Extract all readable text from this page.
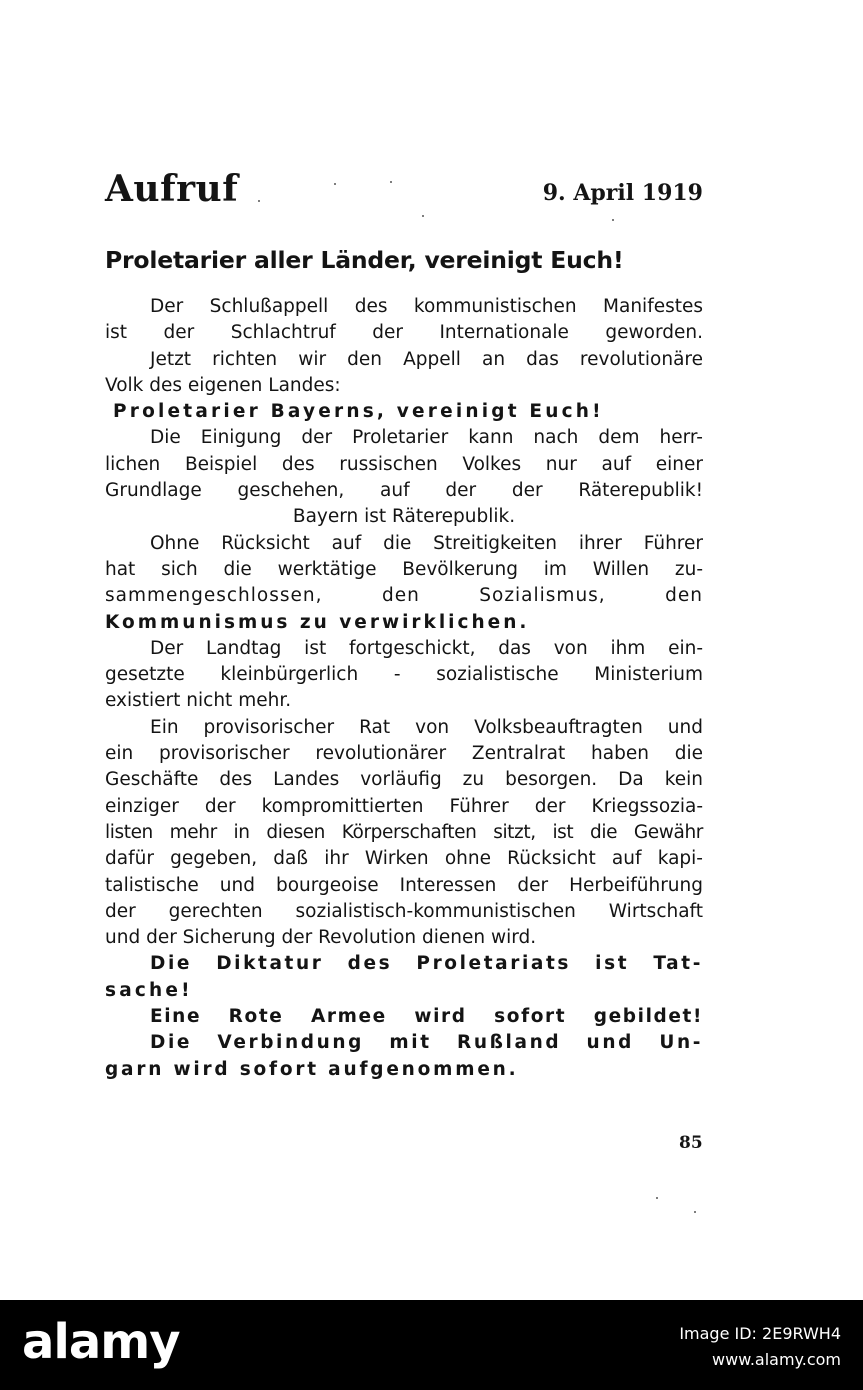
Aufruf	9. April 1919
Proletarier aller Länder, vereinigt Euch!
Der Schlußappell des kommunistischen Manifestes
ist der Schlachtruf der Internationale geworden.
Jetzt richten wir den Appell an das revolutionäre
Volk des eigenen Landes:
Proletarier Bayerns, vereinigt Euch!
Die Einigung der Proletarier kann nach dem herr-
lichen Beispiel des russischen Volkes nur auf einer
Grundlage geschehen, auf der der Räterepublik!
Bayern ist Räterepublik.
Ohne Rücksicht auf die Streitigkeiten ihrer Führer
hat sich die werktätige Bevölkerung im Willen zu-
sammengeschlossen, den Sozialismus, den
Kommunismus zu verwirklichen.
Der Landtag ist fortgeschickt, das von ihm ein-
gesetzte kleinbürgerlich - sozialistische Ministerium
existiert nicht mehr.
Ein provisorischer Rat von Volksbeauftragten und
ein provisorischer revolutionärer Zentralrat haben die
Geschäfte des Landes vorläufig zu besorgen. Da kein
einziger der kompromittierten Führer der Kriegssozia-
listen mehr in diesen Körperschaften sitzt, ist die Gewähr
dafür gegeben, daß ihr Wirken ohne Rücksicht auf kapi-
talistische und bourgeoise Interessen der Herbeiführung
der gerechten sozialistisch-kommunistischen Wirtschaft
und der Sicherung der Revolution dienen wird.
Die Diktatur des Proletariats ist Tat-
sache!
Eine Rote Armee wird sofort gebildet!
Die Verbindung mit Rußland und Un-
garn wird sofort aufgenommen.
85
alamy	Image ID: 2E9RWH4
www.alamy.com
